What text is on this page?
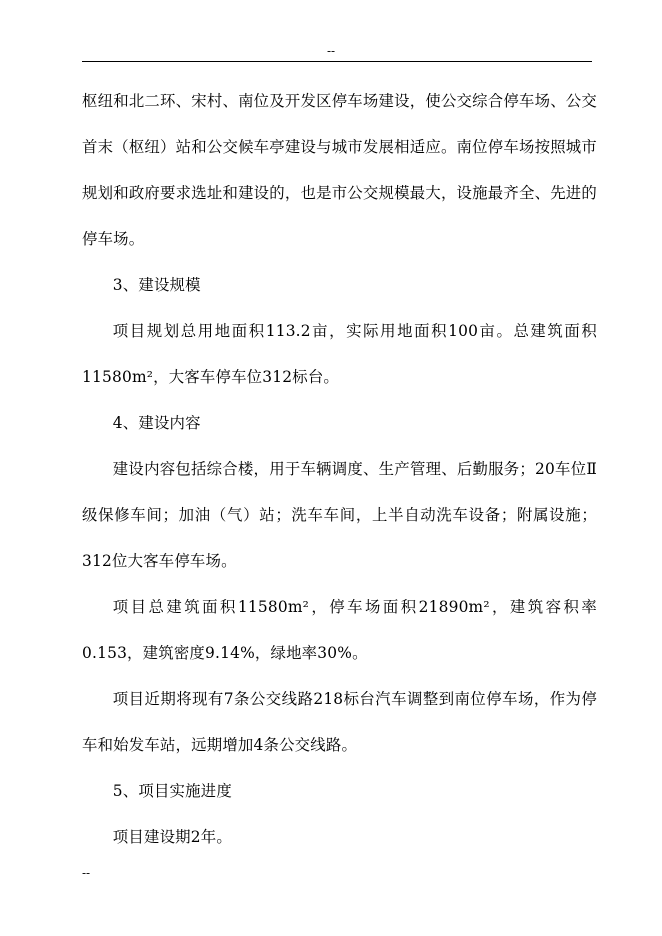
--

枢纽和北二环、宋村、南位及开发区停车场建设，使公交综合停车场、公交首末（枢纽）站和公交候车亭建设与城市发展相适应。南位停车场按照城市规划和政府要求选址和建设的，也是市公交规模最大，设施最齐全、先进的停车场。

3、建设规模

项目规划总用地面积113.2亩，实际用地面积100亩。总建筑面积11580m²，大客车停车位312标台。

4、建设内容

建设内容包括综合楼，用于车辆调度、生产管理、后勤服务；20车位Ⅱ级保修车间；加油（气）站；洗车车间，上半自动洗车设备；附属设施；312位大客车停车场。

项目总建筑面积11580m²，停车场面积21890m²，建筑容积率0.153，建筑密度9.14%，绿地率30%。

项目近期将现有7条公交线路218标台汽车调整到南位停车场，作为停车和始发车站，远期增加4条公交线路。

5、项目实施进度

项目建设期2年。

--
